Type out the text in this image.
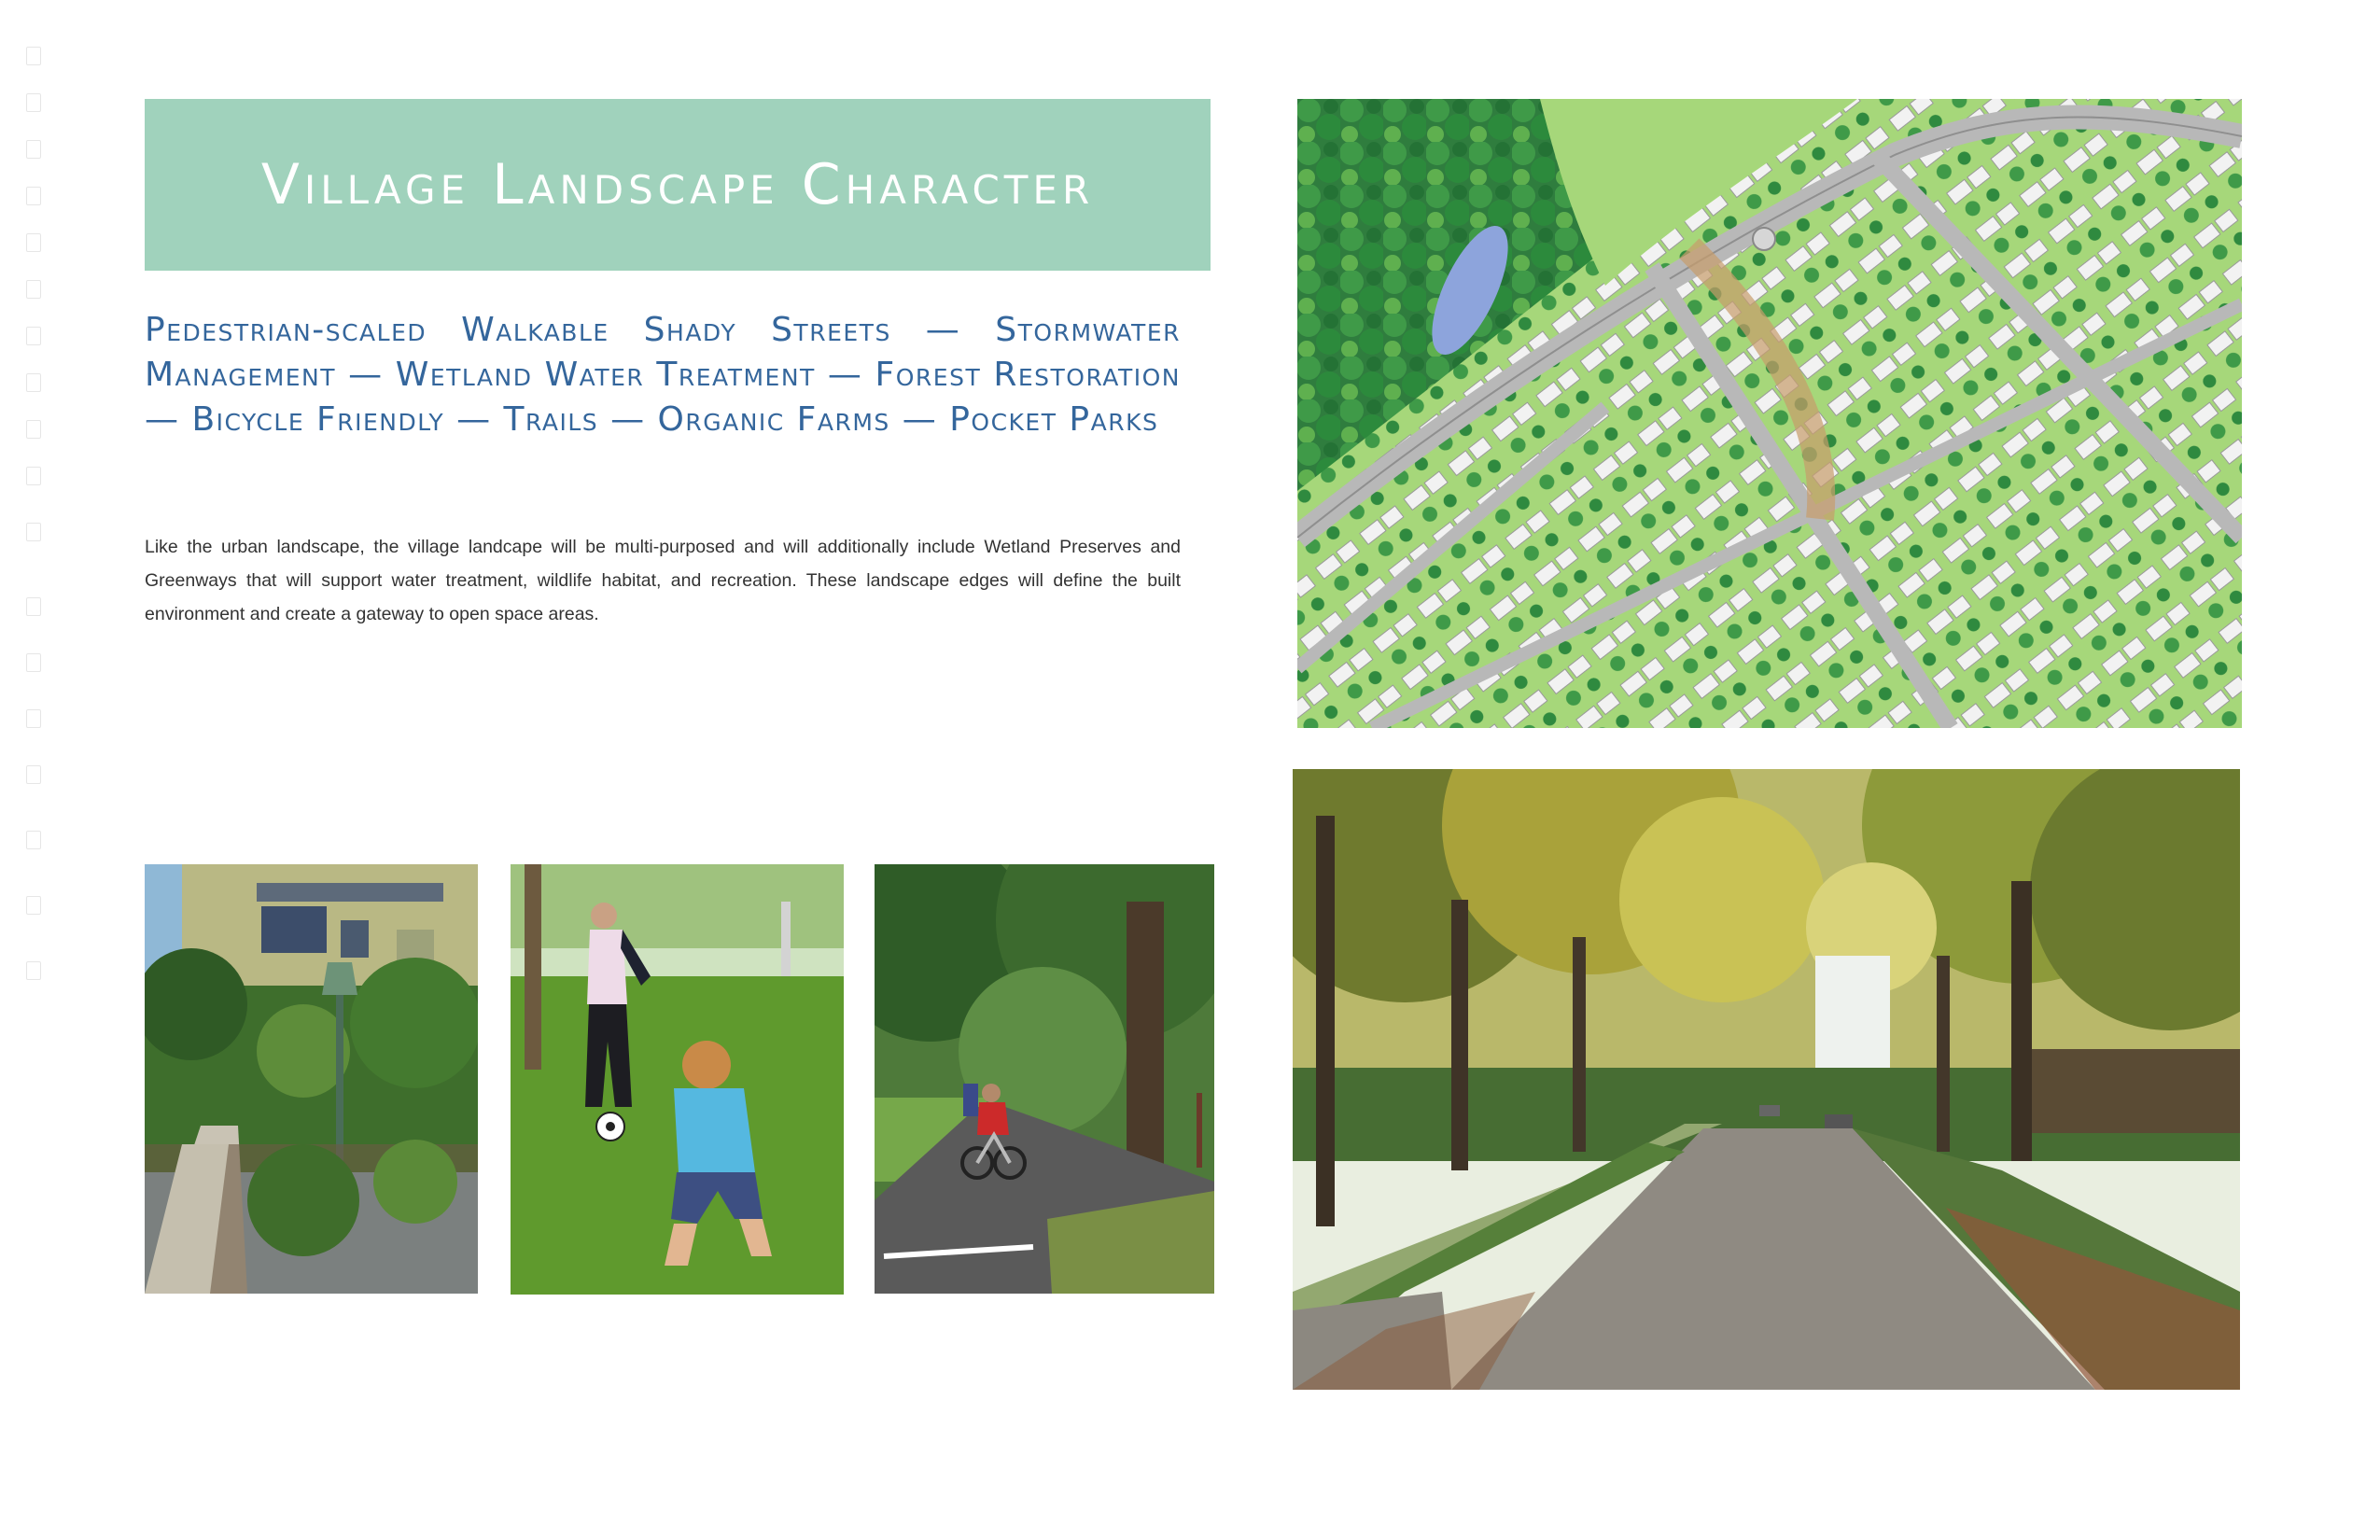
Village Landscape Character
Pedestrian-scaled Walkable Shady Streets — Stormwater Management — Wetland Water Treatment — Forest Restoration — Bicycle Friendly — Trails — Organic Farms — Pocket Parks
Like the urban landscape, the village landcape will be multi-purposed and will additionally include Wetland Preserves and Greenways that will support water treatment, wildlife habitat, and recreation. These landscape edges will define the built environment and create a gateway to open space areas.
